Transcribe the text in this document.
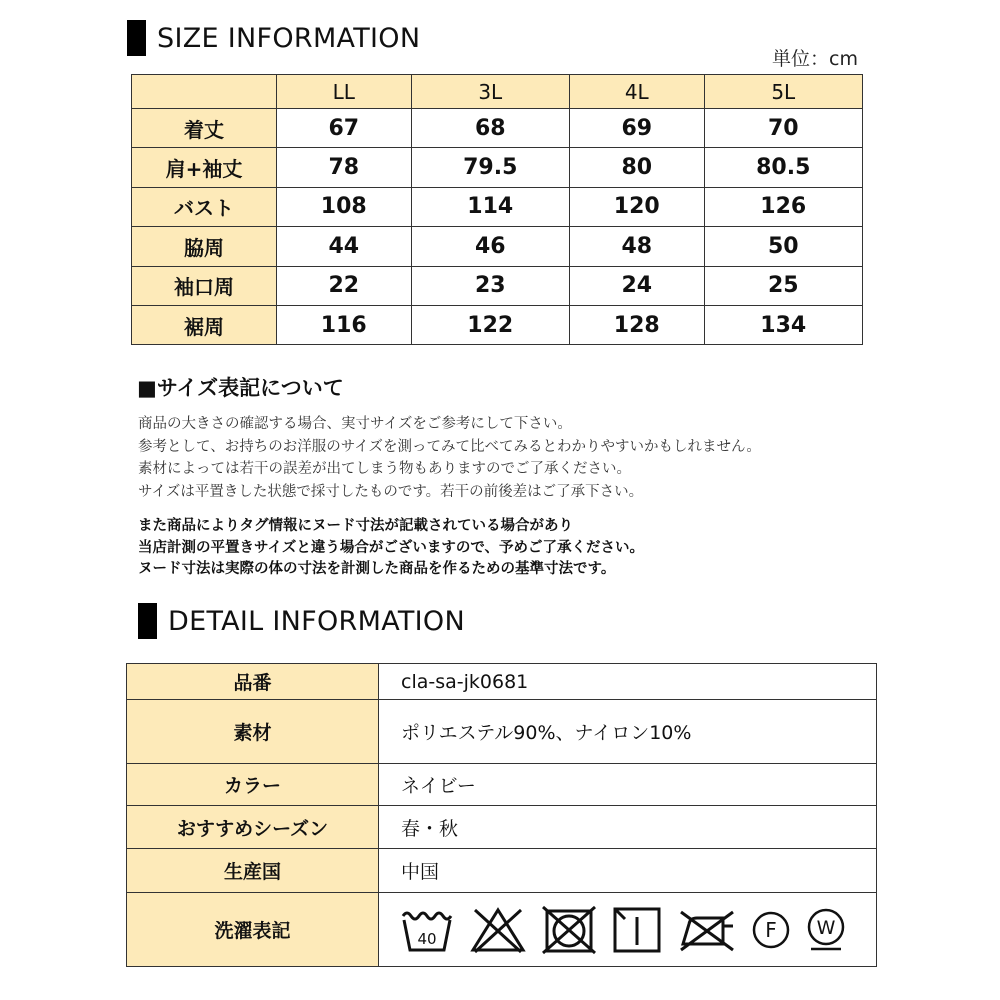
SIZE INFORMATION
単位：cm
	LL	3L	4L	5L
着丈	67	68	69	70
肩+袖丈	78	79.5	80	80.5
バスト	108	114	120	126
脇周	44	46	48	50
袖口周	22	23	24	25
裾周	116	122	128	134
■サイズ表記について
商品の大きさの確認する場合、実寸サイズをご参考にして下さい。
参考として、お持ちのお洋服のサイズを測ってみて比べてみるとわかりやすいかもしれません。
素材によっては若干の誤差が出てしまう物もありますのでご了承ください。
サイズは平置きした状態で採寸したものです。若干の前後差はご了承下さい。
また商品によりタグ情報にヌード寸法が記載されている場合があり
当店計測の平置きサイズと違う場合がございますので、予めご了承ください。
ヌード寸法は実際の体の寸法を計測した商品を作るための基準寸法です。
DETAIL INFORMATION
品番	cla-sa-jk0681
素材	ポリエステル90%、ナイロン10%
カラー	ネイビー
おすすめシーズン	春・秋
生産国	中国
洗濯表記	40 F W
